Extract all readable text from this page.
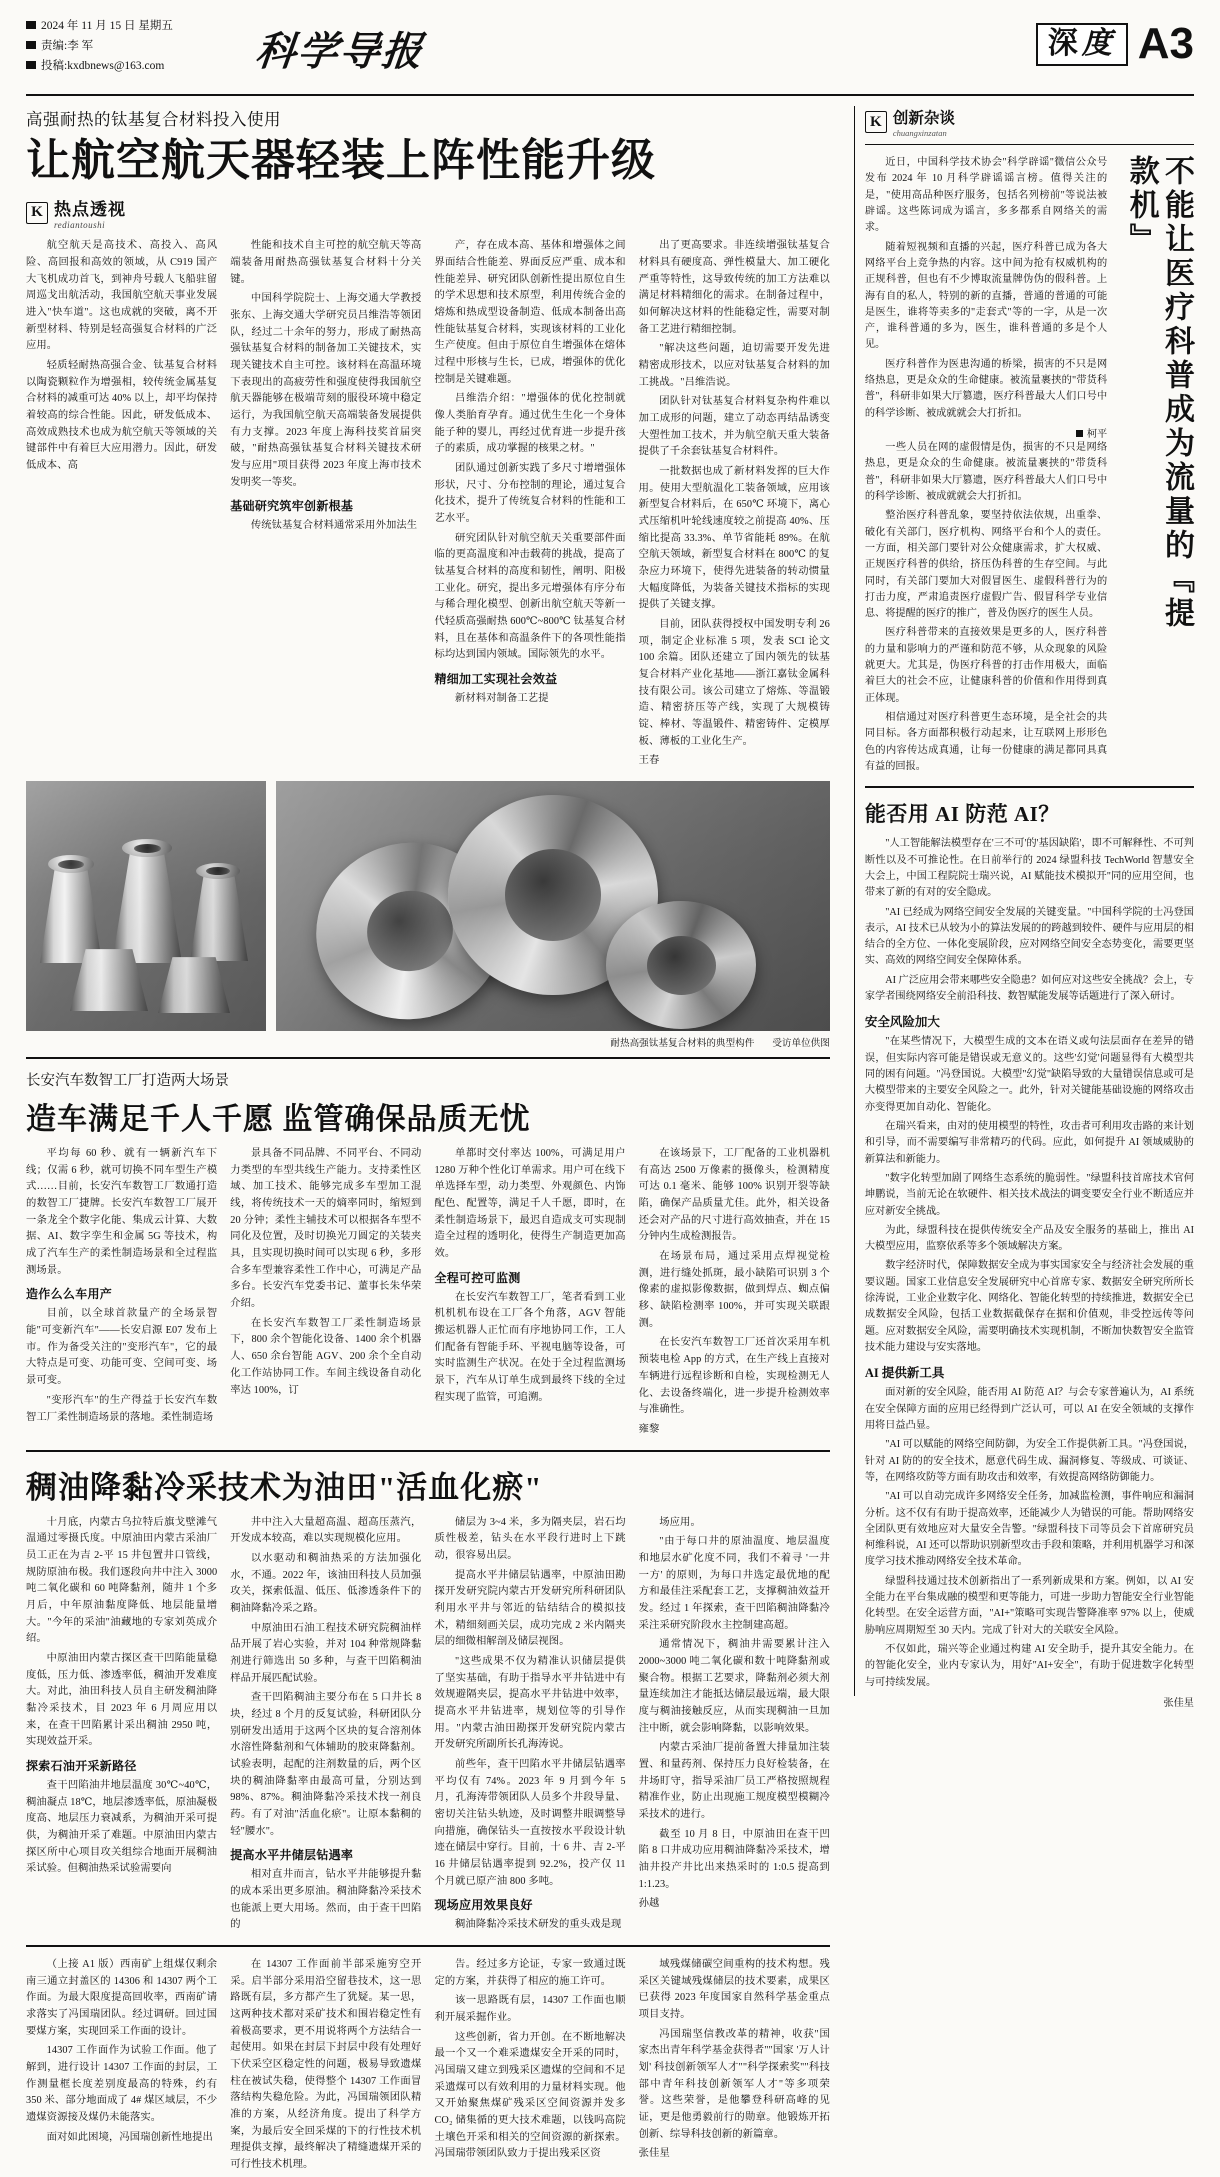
2024 年 11 月 15 日 星期五
责编:李 军
投稿:kxdbnews@163.com	科学导报	深度 A3
高强耐热的钛基复合材料投入使用
让航空航天器轻装上阵性能升级
K 热点透视
rediantoushi

航空航天是高技术、高投入、高风险、高回报和高效的领域，从 C919 国产大飞机成功首飞，到神舟号载人飞船驻留周巡戈出航活动，我国航空航天事业发展进入"快车道"。这也成就的突破，离不开新型材料、特别是轻高强复合材料的广泛应用。

轻质轻耐热高强合金、钛基复合材料以陶瓷颗粒作为增强相，较传统金属基复合材料的减重可达 40% 以上，却平均保持着较高的综合性能。因此，研发低成本、高效成熟技术也成为航空航天等领域的关键部件中有着巨大应用潜力。因此，研发低成本、高

性能和技术自主可控的航空航天等高端装备用耐热高强钛基复合材料十分关键。

中国科学院院士、上海交通大学教授张东、上海交通大学研究员吕维浩等领团队，经过二十余年的努力，形成了耐热高强钛基复合材料的制备加工关键技术，实现关键技术自主可控。该材料在高温环境下表现出的高疲劳性和强度使得我国航空航天器能够在极端苛刻的服役环境中稳定运行，为我国航空航天高端装备发展提供有力支撑。2023 年度上海科技奖首届突破，"耐热高强钛基复合材料关键技术研发与应用"项目获得 2023 年度上海市技术发明奖一等奖。

基础研究筑牢创新根基

传统钛基复合材料通常采用外加法生

产，存在成本高、基体和增强体之间界面结合性能差、界面反应严重、成本和性能差异、研究团队创新性提出原位自生的学术思想和技术原型，利用传统合金的熔炼和热成型设备制造、低成本制备出高性能钛基复合材料，实现该材料的工业化生产使度。但由于原位自生增强体在熔体过程中形核与生长，已成，增强体的优化控制是关键难题。

吕维浩介绍："增强体的优化控制就像人类胎育孕育。通过优生生化一个身体能子种的婴儿，再经过优育进一步提升孩子的素质，成功掌握的核果之材。"

团队通过创新实践了多尺寸增增强体形状，尺寸、分布控制的理论，通过复合化技术，提升了传统复合材料的性能和工艺水平。

研究团队针对航空航天关重要部件面临的更高温度和冲击载荷的挑战，提高了钛基复合材料的高度和韧性，阐明、阳极工业化。研究，提出多元增强体有序分布与稀合理化模型、创新出航空航天等新一代轻质高强耐热 600℃~800℃ 钛基复合材料，且在基体和高温条件下的各项性能指标均达到国内领域。国际领先的水平。

精细加工实现社会效益

新材料对制备工艺提

出了更高要求。非连续增强钛基复合材料具有硬度高、弹性模量大、加工硬化严重等特性，这导致传统的加工方法难以满足材料精细化的需求。在制备过程中，如何解决这材料的性能稳定性，需要对制备工艺进行精细控制。

"解决这些问题，迫切需要开发先进精密成形技术，以应对钛基复合材料的加工挑战。"吕维浩说。

团队针对钛基复合材料复杂构件难以加工成形的问题，建立了动态再结晶诱变大塑性加工技术，并为航空航天重大装备提供了千余套钛基复合材料件。

一批数据也成了新材料发挥的巨大作用。使用大型航温化工装备领域，应用该新型复合材料后，在 650℃ 环境下，离心式压缩机叶轮线速度较之前提高 40%、压缩比提高 33.3%、单节省能耗 89%。在航空航天领域，新型复合材料在 800℃ 的复杂应力环境下，使得先进装备的转动惯量大幅度降低，为装备关键技术指标的实现提供了关键支撑。

目前，团队获得授权中国发明专利 26 项，制定企业标准 5 项，发表 SCI 论文 100 余篇。团队还建立了国内领先的钛基复合材料产业化基地——浙江嘉钛金属科技有限公司。该公司建立了熔炼、等温锻造、精密挤压等产线，实现了大规模铸锭、棒材、等温锻件、精密铸件、定模厚板、薄板的工业化生产。

王春

耐热高强钛基复合材料的典型构件 受访单位供图
长安汽车数智工厂打造两大场景
造车满足千人千愿 监管确保品质无忧

平均每 60 秒、就有一辆新汽车下线；仅需 6 秒，就可切换不同车型生产模式……目前，长安汽车数智工厂数通打造的数智工厂捷牌。长安汽车数智工厂展开一条龙全个数字化能、集成云计算、大数据、AI、数字孪生和金属 5G 等技术，构成了汽车生产的柔性制造场景和全过程监测场景。

造作么么车用产

目前，以全球首款量产的全场景智能"可变新汽车"——长安启源 E07 发布上市。作为备受关注的"变形汽车"，它的最大特点是可变、功能可变、空间可变、场景可变。

"变形汽车"的生产得益于长安汽车数智工厂柔性制造场景的落地。柔性制造场

景具备不同品牌、不同平台、不同动力类型的车型共线生产能力。支持柔性区域、加工技术、能够完成多车型加工混线，将传统技术一天的熵率同时，缩短到 20 分钟；柔性主辅技术可以根据各车型不同化及位置，及时切换光刀圆定的关装夹具，且实现切换时间可以实现 6 秒，多形合多车型兼容柔性工作中心，可满足产品多台。长安汽车党委书记、董事长朱华荣介绍。

在长安汽车数智工厂柔性制造场景下，800 余个智能化设备、1400 余个机器人、650 余台智能 AGV、200 余个全自动化工作站协同工作。车间主线设备自动化率达 100%，订

单都时交付率达 100%，可满足用户 1280 万种个性化订单需求。用户可在线下单选择车型，动力类型、外观颜色、内饰配色、配置等，满足千人千愿，即时，在柔性制造场景下，最迟自造成支可实现制造全过程的透明化，使得生产制造更加高效。

全程可控可监测

在长安汽车数智工厂，笔者看到工业机机机布设在工厂各个角落，AGV 智能搬运机器人正忙而有序地协同工作，工人们配备有智能手环、平视电脑等设备，可实时监测生产状况。在处于全过程监测场景下，汽车从订单生成到最终下线的全过程实现了监管，可追溯。

在该场景下，工厂配备的工业机器机有高达 2500 万像素的摄像头，检测精度可达 0.1 毫米、能够 100% 识别开裂等缺陷，确保产品质量尤佳。此外，相关设备还会对产品的尺寸进行高效抽查，并在 15 分钟内生成检测报告。

在场景布局，通过采用点焊视觉检测，进行缝处抓斑，最小缺陷可识别 3 个像素的虚拟影像数据，做到焊点、蜘点偏移、缺陷检测率 100%，并可实现关联跟测。

在长安汽车数智工厂还首次采用车机预装电检 App 的方式，在生产线上直接对车辆进行远程诊断和自检，实现检测无人化、去设备终端化，进一步提升检测效率与准确性。

雍黎

稠油降黏冷采技术为油田"活血化瘀"

十月底，内蒙古乌拉特后旗戈壁滩气温通过零摄氏度。中原油田内蒙古采油厂员工正在为吉 2-平 15 井包置井口管线，规防原油布极。我们逐段向井中注入 3000 吨二氧化碳和 60 吨降黏剂，随井 1 个多月后，中年原油黏度降低、地层能量增大。"今年的采油"油藏地的专家刘英成介绍。

中原油田内蒙古探区查干凹陷能量稳度低，压力低、渗透率低，稠油开发难度大。对此，油田科技人员自主研发稠油降黏冷采技术，目 2023 年 6 月周应用以来，在查干凹陷累计采出稠油 2950 吨，实现效益开采。

探索石油开采新路径

查干凹陷油井地层温度 30℃~40℃，稠油凝点 18℃，地层渗透率低，原油凝极度高、地层压力衰减系，为稠油开采可提供，为稠油开采了难题。中原油田内蒙古探区所中心项目攻关组综合地面开展稠油采试验。但稠油热采试验需要向

井中注入大量超高温、超高压蒸汽，开发成本较高，难以实现规模化应用。

以水驱动和稠油热采的方法加强化水，不通。2022 年，该油田科技人员加强攻关，探索低温、低压、低渗透条件下的稠油降黏冷采之路。

中原油田石油工程技术研究院稠油样品开展了岩心实验，并对 104 种常规降黏剂进行筛选出 50 多种，与查干凹陷稠油样品开展匹配试验。

查干凹陷稠油主要分布在 5 口井长 8 块，经过 8 个月的反复试验，科研团队分别研发出适用于这两个区块的复合溶剂体水溶性降黏剂和气体辅助的胶束降黏剂。试验表明，起配的注剂数量的后，两个区块的稠油降黏率由最高可量，分别达到 98%、87%。稠油降黏冷采技术找一剂良药。有了对油"活血化瘀"。让原本黏稠的轻"腰水"。

提高水平井储层钻遇率

相对直井而言，钻水平井能够提升黏的成本采出更多原油。稠油降黏冷采技术也能派上更大用场。然而，由于查干凹陷的

储层为 3~4 米，多为隔夹层，岩石均质性极差，钻头在水平段行进时上下跳动，很容易出层。

提高水平井储层钻遇率，中原油田勘探开发研究院内蒙古开发研究所科研团队利用水平井与邻近的钻结结合的模拟技术，精细刻画关层，成功完成 2 米内隔夹层的细微相解剖及储层视图。

"这些成果不仅为精准认识储层提供了坚实基础，有助于指导水平井钻进中有效规避隔夹层，提高水平井钻进中效率，提高水平井钻进率，规划位等的引导作用。"内蒙古油田勘探开发研究院内蒙古开发研究所副所长孔海涛说。

前些年，查干凹陷水平井储层钻遇率平均仅有 74%。2023 年 9 月到今年 5 月，孔海涛带领团队人员多个井段导量、密切关注钻头轨迹，及时调整井眼调整导向措施，确保钻头一直按按水平段设计轨迹在储层中穿行。目前，十 6 井、吉 2-平 16 井储层钻遇率提到 92.2%，投产仅 11 个月就已原产油 800 多吨。

现场应用效果良好

稠油降黏冷采技术研发的重头戏是现

场应用。

"由于每口井的原油温度、地层温度和地层水矿化度不同，我们不着寻 '一井一方' 的原则，为每口井选定最优地的配方和最佳注采配套工艺，支撑稠油效益开发。经过 1 年探索，查干凹陷稠油降黏冷采注采研究阶段水主控制建高超。

通常情况下，稠油井需要累计注入 2000~3000 吨二氧化碳和数十吨降黏剂或聚合物。根据工艺要求，降黏剂必须大剂量连续加注才能抵达储层最远端，最大限度与稠油接触反应，从而实现稠油一旦加注中断，就会影响降黏，以影响效果。

内蒙古采油厂提前备置大排量加注装置、和量药剂、保持压力良好检装备，在井场盯守，指导采油厂员工严格按照规程精准作业，防止出现施工规度模型模糊冷采技术的进行。

截至 10 月 8 日，中原油田在查干凹陷 8 口井成功应用稠油降黏冷采技术，增油井投产井比出来热采时的 1:0.5 提高到 1:1.23。

孙越

（上接 A1 版）西南矿上组煤仅剩余南三通立封盖区的 14306 和 14307 两个工作面。为最大限度提高回收率，西南矿请求落实了冯国瑞团队。经过调研。回过国要煤方案，实现回采工作面的设计。

14307 工作面作为试验工作面。他了解到，进行设计 14307 工作面的封层，工作测量框长度差别度最高的特殊，约有 350 米、部分地面成了 4# 煤区域层，不少遗煤资源接及煤仍未能落实。

面对如此困境，冯国瑞创新性地提出

在 14307 工作面前半部采施穷空开采。启半部分采用沿空留巷技术，这一思路既有层，多方都产生了犹疑。某一思，这两种技术都对采矿技术和围岩稳定性有着极高要求，更不用说将两个方法结合一起使用。如果在封层下封层中段有处理好下伏采空区稳定性的问题，极易导致遗煤柱在被试失稳，使得整个 14307 工作面冒落结构失稳危险。为此，冯国瑞领团队精准的方案，从经济角度。提出了科学方案，为最后安全回采煤的下的行性技术机理提供支撑，最终解决了精缝遗煤开采的可行性技术机理。

告。经过多方论证，专家一致通过既定的方案，并获得了相应的施工许可。

该一思路既有层，14307 工作面也顺利开展采掘作业。

这些创新，省力开创。在不断地解决最一个又一个难采遗煤安全开采的同时，冯国瑞又建立到残采区遗煤的空间和不足采遗煤可以有效利用的力量材料实现。他又开始聚焦煤矿残采区空间资源并发多 CO₂ 储集循的更大技术难题，以钱吗高院土壤色开采和相关的空间资源的新探索。冯国瑞带领团队致力于提出残采区资

域残煤储碳空间重构的技术构想。残采区关键域残煤储层的技术要素，成果区已获得 2023 年度国家自然科学基金重点项目支持。

冯国瑞坚信教改革的精神，收获"国家杰出青年科学基金获得者""国家 '万人计划' 科技创新领军人才""科学探索奖""科技部中青年科技创新领军人才"等多项荣誉。这些荣誉，是他攀登科研高峰的见证，更是他勇毅前行的勋章。他锻炼开拓创新、综导科技创新的新篇章。

张佳星

K 创新杂谈
chuangxinzatan

近日，中国科学技术协会"科学辟谣"微信公众号发布 2024 年 10 月科学辟谣谣言榜。值得关注的是，"使用高品种医疗服务，包括名列榜前"等说法被辟谣。这些陈词成为谣言，多多都系自网络关的需求。

随着短视频和直播的兴起，医疗科普已成为各大网络平台上竞争热的内容。这中间为抢有权威机构的正规科普，但也有不少博取流量牌伪伪的假科普。上海有自的私人，特别的新的直播，普通的普通的可能是医生，谁将等卖多的"走套式"等的一字，从是一次产，谁科普通的多为，医生，谁科普通的多是个人见。

医疗科普作为医患沟通的桥梁，损害的不只是网络热息，更是众众的生命健康。被流量裹挟的"带货科普"，科研非如果大厅篡遗，医疗科普最大人们口号中的科学诊断、被成就就会大打折扣。

柯平

一些人员在网的虚假情是伪，损害的不只是网络热息，更是众众的生命健康。被流量裹挟的"带货科普"，科研非如果大厅篡遗，医疗科普最大人们口号中的科学诊断、被成就就会大打折扣。

整治医疗科普乱象，要坚持依法依规，出重拳、破化有关部门，医疗机构、网络平台和个人的责任。一方面，相关部门要针对公众健康需求，扩大权威、正规医疗科普的供给，挤压伪科普的生存空间。与此同时，有关部门要加大对假冒医生、虚假科普行为的打击力度，严肃追责医疗虚假广告、假冒科学专业信息、将提醒的医疗的推广，普及伪医疗的医生人员。

医疗科普带来的直接效果是更多的人，医疗科普的力量和影响力的严谨和防范不够，从众现象的风险就更大。尤其是，伪医疗科普的打击作用极大，面临着巨大的社会不应，让健康科普的价值和作用得到真正体现。

相信通过对医疗科普更生态环境，是全社会的共同目标。各方面都积极行动起来，让互联网上形形色色的内容传达成真通，让每一份健康的满足都同具真有益的回报。

不能让医疗科普成为流量的『提款机』
能否用 AI 防范 AI？

"人工智能解法模型存在'三不可'的'基因缺陷'，即不可解释性、不可判断性以及不可推论性。在日前举行的 2024 绿盟科技 TechWorld 智慧安全大会上，中国工程院院士瑞兴说，AI 赋能技术模拟开"同的应用空间，也带来了新的有对的安全隐成。

"AI 已经成为网络空间安全发展的关键变量。"中国科学院的士冯登国表示，AI 技术已从较为小的算法发展的的跨越到较件、硬件与应用层的相结合的全方位、一体化变展阶段，应对网络空间安全态势变化，需要更坚实、高效的网络空间安全保障体系。

AI 广泛应用会带来哪些安全隐患？如何应对这些安全挑战？会上，专家学者围绕网络安全前沿科技、数智赋能发展等话题进行了深入研讨。

安全风险加大

"在某些情况下，大模型生成的文本在语义或句法层面存在差异的错误，但实际内容可能是错误或无意义的。这些'幻觉'问题显得有大模型共同的困有问题。"冯登国说。大模型"幻觉"缺陷导致的大量错误信息或可是大模型带来的主要安全风险之一。此外，针对关键能基础设施的网络攻击亦变得更加自动化、智能化。

在瑞兴看来，由对的使用模型的特性，攻击者可利用攻击路的来计划和引导，而不需要编写非常精巧的代码。应此，如何提升 AI 领域威胁的新算法和新能力。

"数字化转型加剧了网络生态系统的脆弱性。"绿盟科技首席技术官何坤鹏说，当前无论在软硬件、相关技术战法的调变要安全行业不断适应并应对新安全挑战。

为此，绿盟科技在提供传统安全产品及安全服务的基础上，推出 AI 大模型应用，监察依系等多个领域解决方案。

数字经济时代，保障数据安全成为事实国家安全与经济社会发展的重要议题。国家工业信息安全发展研究中心首席专家、数据安全研究所所长徐涛说，工业企业数字化、网络化、智能化转型的持续推进，数据安全已成数据安全风险，包括工业数据截保存在据和价值观，非受控远传等问题。应对数据安全风险，需要明确技术实现机制，不断加快数智安全监管技术能力建设与安实落地。

AI 提供新工具

面对新的安全风险，能否用 AI 防范 AI？与会专家普遍认为，AI 系统在安全保障方面的应用已经得到广泛认可，可以 AI 在安全领域的支撑作用将日益凸显。

"AI 可以赋能的网络空间防御，为安全工作提供新工具。"冯登国说，针对 AI 防的的安全技术，愿意代码生成、漏洞修复、等级成、可谈证、等，在网络攻防等方面有助攻击和效率，有效提高网络防御能力。

"AI 可以自动完成许多网络安全任务，加减监检测，事件响应和漏洞分析。这不仅有有助于提高效率，还能减少人为错误的可能。帮助网络安全团队更有效地应对大量安全告警。"绿盟科技下司等员会下首席研究员柯维科说，AI 还可以帮助识别新型攻击手段和策略，并利用机器学习和深度学习技术推动网络安全技术革命。

绿盟科技通过技术创新指出了一系列新成果和方案。例如，以 AI 安全能力在平台集成融的模型和更等能力，可进一步助力智能安全行业智能化转型。在安全运营方面，"AI+"策略可实现告警降准率 97% 以上，使威胁响应周期短至 30 天内。完成了针对大的关联安全风险。

不仅如此，瑞兴等企业通过构建 AI 安全助手，提升其安全能力。在的智能化安全，业内专家认为，用好"AI+安全"，有助于促进数字化转型与可持续发展。

张佳星
